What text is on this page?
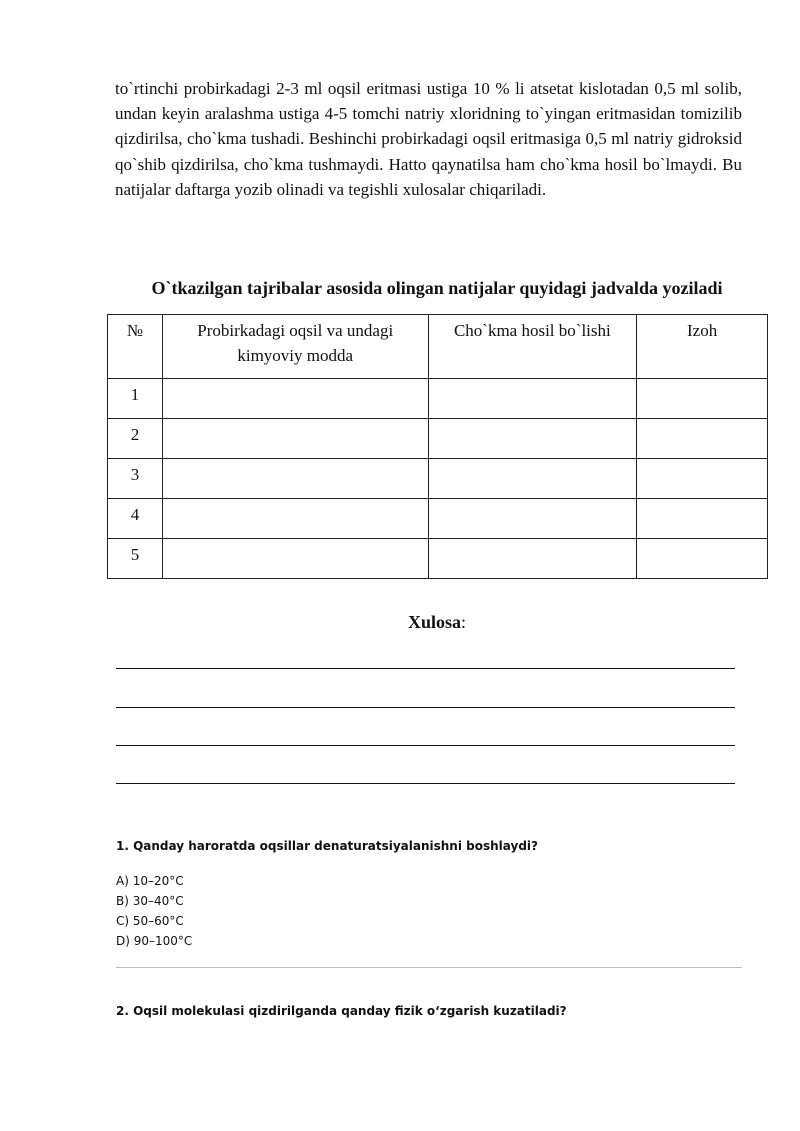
to`rtinchi probirkadagi 2-3 ml oqsil eritmasi ustiga 10 % li atsetat kislotadan 0,5 ml solib, undan keyin aralashma ustiga 4-5 tomchi natriy xloridning to`yingan eritmasidan tomizilib qizdirilsa, cho`kma tushadi. Beshinchi probirkadagi oqsil eritmasiga 0,5 ml natriy gidroksid qo`shib qizdirilsa, cho`kma tushmaydi. Hatto qaynatilsa ham cho`kma hosil bo`lmaydi. Bu natijalar daftarga yozib olinadi va tegishli xulosalar chiqariladi.

O`tkazilgan tajribalar asosida olingan natijalar quyidagi jadvalda yoziladi

№	Probirkadagi oqsil va undagi kimyoviy modda	Cho`kma hosil bo`lishi	Izoh
1			
2			
3			
4			
5			

Xulosa:

1. Qanday haroratda oqsillar denaturatsiyalanishni boshlaydi?

A) 10–20°C

B) 30–40°C

C) 50–60°C

D) 90–100°C

2. Oqsil molekulasi qizdirilganda qanday fizik o‘zgarish kuzatiladi?
